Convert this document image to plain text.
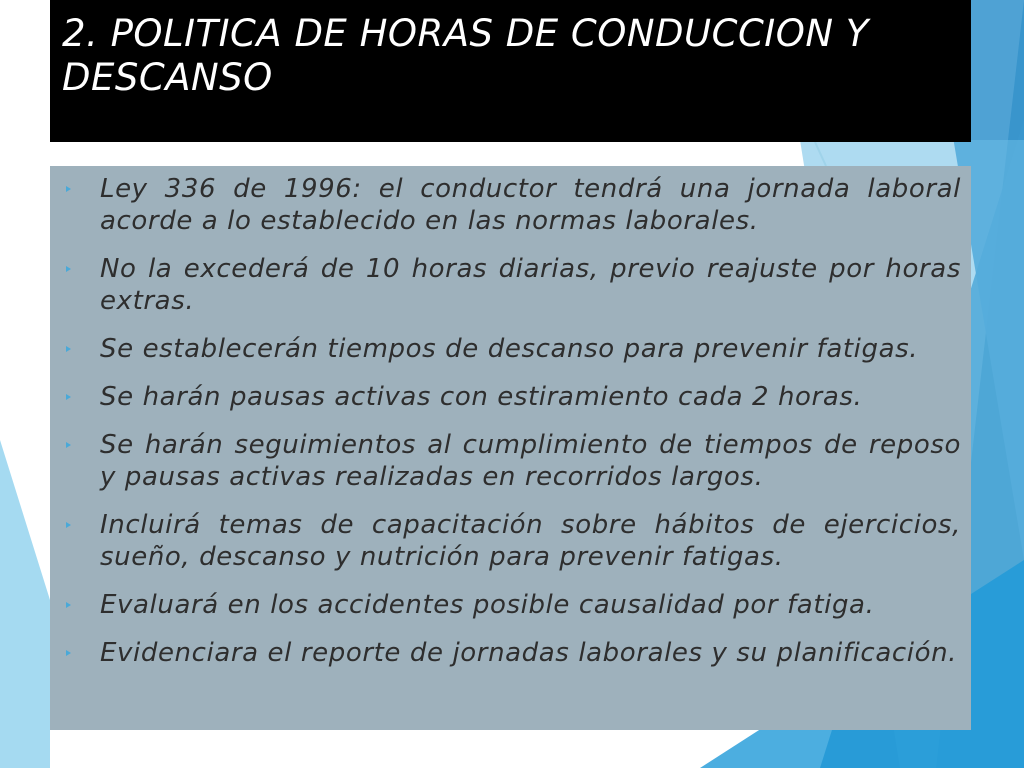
2. POLITICA DE HORAS DE CONDUCCION Y DESCANSO
Ley 336 de 1996: el conductor tendrá una jornada laboral acorde a lo establecido en las normas laborales.
No la excederá de 10 horas diarias, previo reajuste por horas extras.
Se establecerán tiempos de descanso para prevenir fatigas.
Se harán pausas activas con estiramiento cada 2 horas.
Se harán seguimientos al cumplimiento de tiempos de reposo y pausas activas realizadas en recorridos largos.
Incluirá temas de capacitación sobre hábitos de ejercicios, sueño, descanso y nutrición para prevenir fatigas.
Evaluará en los accidentes posible causalidad por fatiga.
Evidenciara el reporte de jornadas laborales y su planificación.
